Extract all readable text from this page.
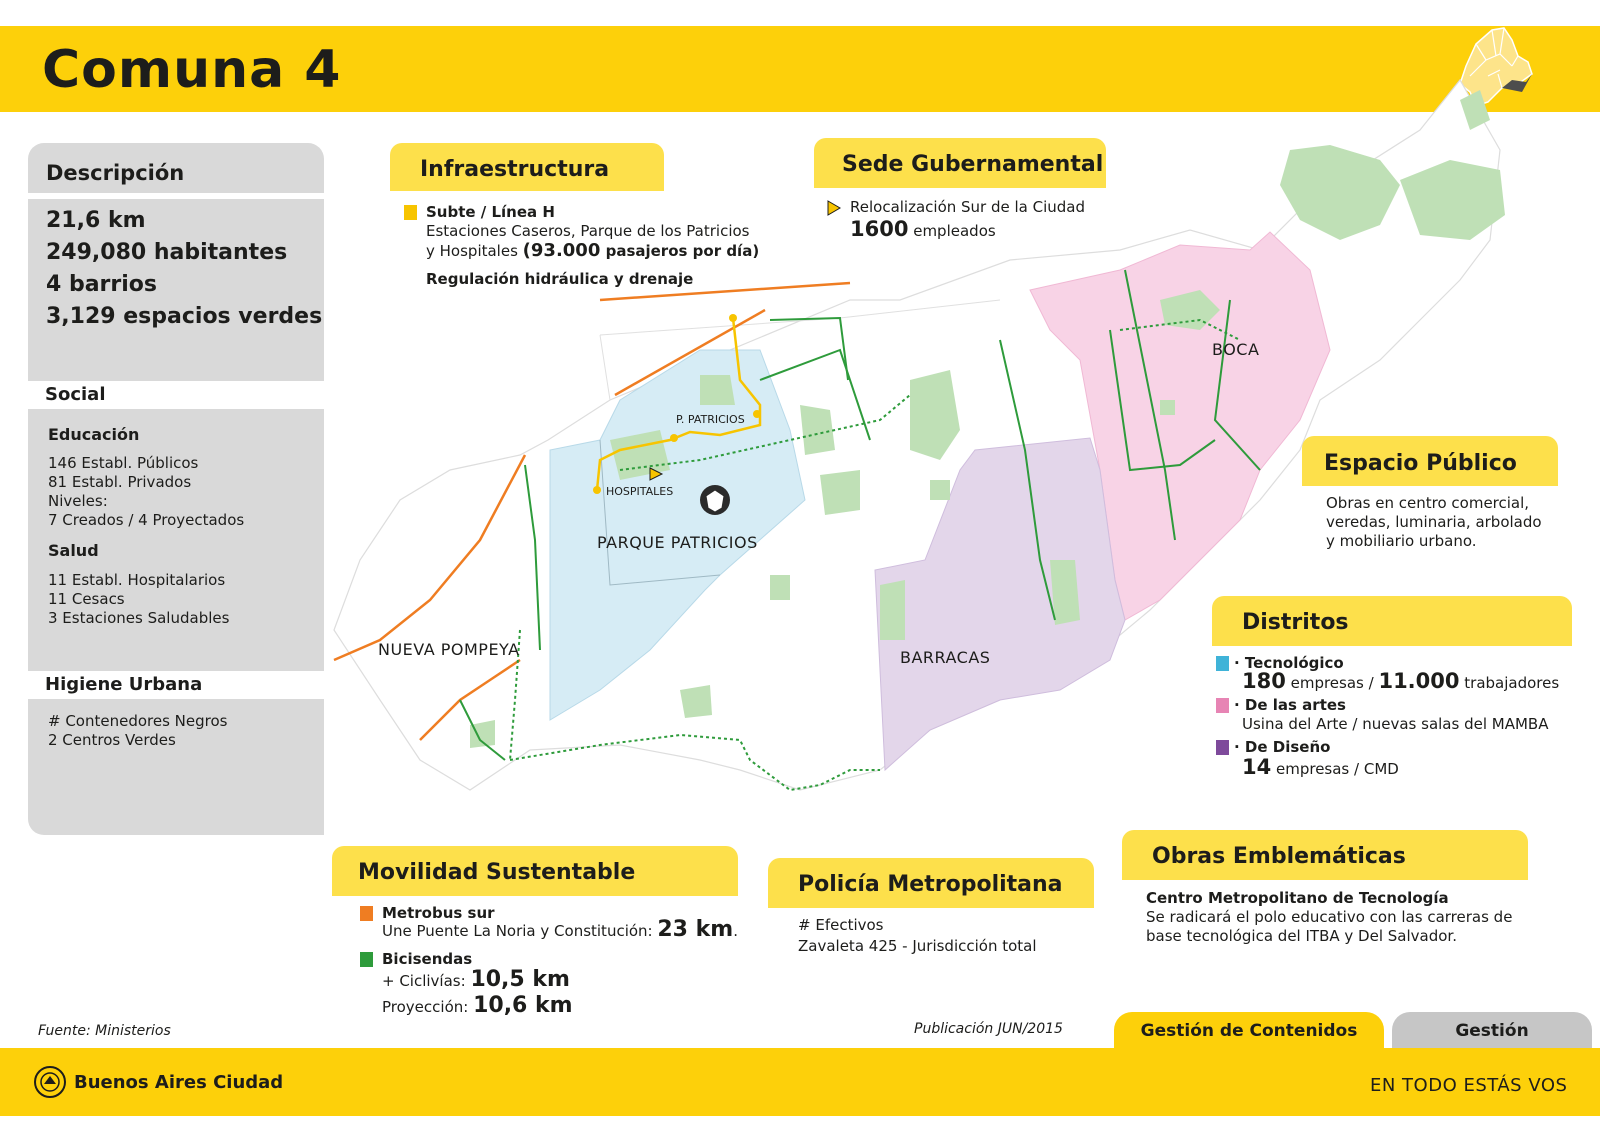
Comuna 4
Descripción
21,6 km
249,080 habitantes
4 barrios
3,129 espacios verdes
Social
Educación
146 Establ. Públicos
81 Establ. Privados
Niveles:
7 Creados / 4 Proyectados
Salud
11 Establ. Hospitalarios
11 Cesacs
3 Estaciones Saludables
Higiene Urbana
# Contenedores Negros
2 Centros Verdes
BOCA
BARRACAS
PARQUE PATRICIOS
NUEVA POMPEYA
P. PATRICIOS
HOSPITALES
Infraestructura
Subte / Línea H
Estaciones Caseros, Parque de los Patricios
y Hospitales (93.000 pasajeros por día)
Regulación hidráulica y drenaje
Sede Gubernamental
Relocalización Sur de la Ciudad
1600 empleados
Espacio Público
Obras en centro comercial,
veredas, luminaria, arbolado
y mobiliario urbano.
Distritos
· Tecnológico
180 empresas / 11.000 trabajadores
· De las artes
Usina del Arte / nuevas salas del MAMBA
· De Diseño
14 empresas / CMD
Movilidad Sustentable
Metrobus sur
Une Puente La Noria y Constitución: 23 km.
Bicisendas
+ Ciclivías: 10,5 km
Proyección: 10,6 km
Policía Metropolitana
# Efectivos
Zavaleta 425 - Jurisdicción total
Obras Emblemáticas
Centro Metropolitano de Tecnología
Se radicará el polo educativo con las carreras de
base tecnológica del ITBA y Del Salvador.
Fuente: Ministerios	Publicación JUN/2015	Gestión de Contenidos	Gestión
Buenos Aires Ciudad	EN TODO ESTÁS VOS
